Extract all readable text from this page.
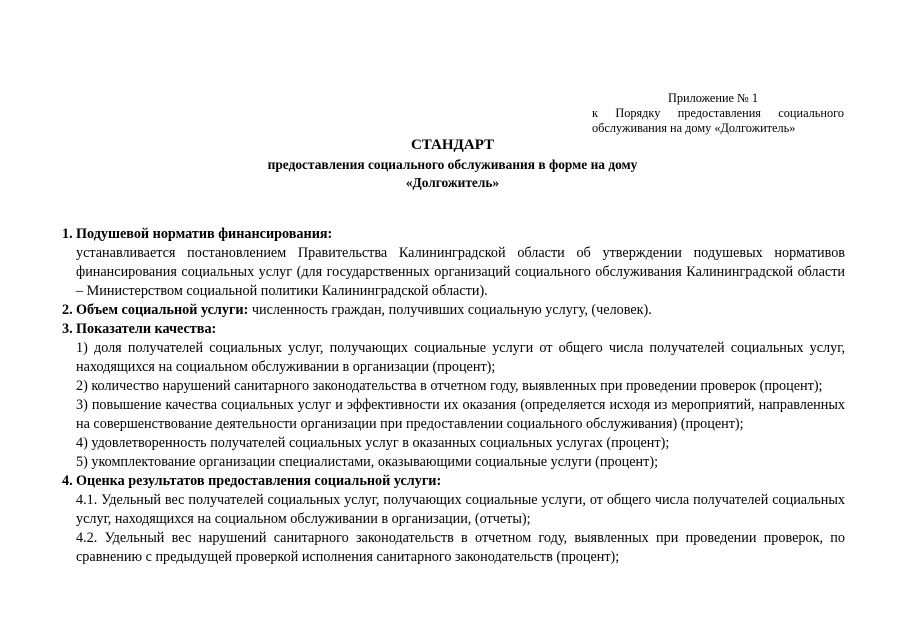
Приложение № 1
к Порядку предоставления социального обслуживания на дому «Долгожитель»
СТАНДАРТ
предоставления социального обслуживания в форме на дому
«Долгожитель»
1. Подушевой норматив финансирования:
устанавливается постановлением Правительства Калининградской области об утверждении подушевых нормативов финансирования социальных услуг (для государственных организаций социального обслуживания Калининградской области – Министерством социальной политики Калининградской области).
2. Объем социальной услуги: численность граждан, получивших социальную услугу, (человек).
3. Показатели качества:
1) доля получателей социальных услуг, получающих социальные услуги от общего числа получателей социальных услуг, находящихся на социальном обслуживании в организации (процент);
2) количество нарушений санитарного законодательства в отчетном году, выявленных при проведении проверок (процент);
3) повышение качества социальных услуг и эффективности их оказания (определяется исходя из мероприятий, направленных на совершенствование деятельности организации при предоставлении социального обслуживания) (процент);
4) удовлетворенность получателей социальных услуг в оказанных социальных услугах (процент);
5) укомплектование организации специалистами, оказывающими социальные услуги (процент);
4. Оценка результатов предоставления социальной услуги:
4.1. Удельный вес получателей социальных услуг, получающих социальные услуги, от общего числа получателей социальных услуг, находящихся на социальном обслуживании в организации, (отчеты);
4.2. Удельный вес нарушений санитарного законодательств в отчетном году, выявленных при проведении проверок, по сравнению с предыдущей проверкой исполнения санитарного законодательств (процент);
